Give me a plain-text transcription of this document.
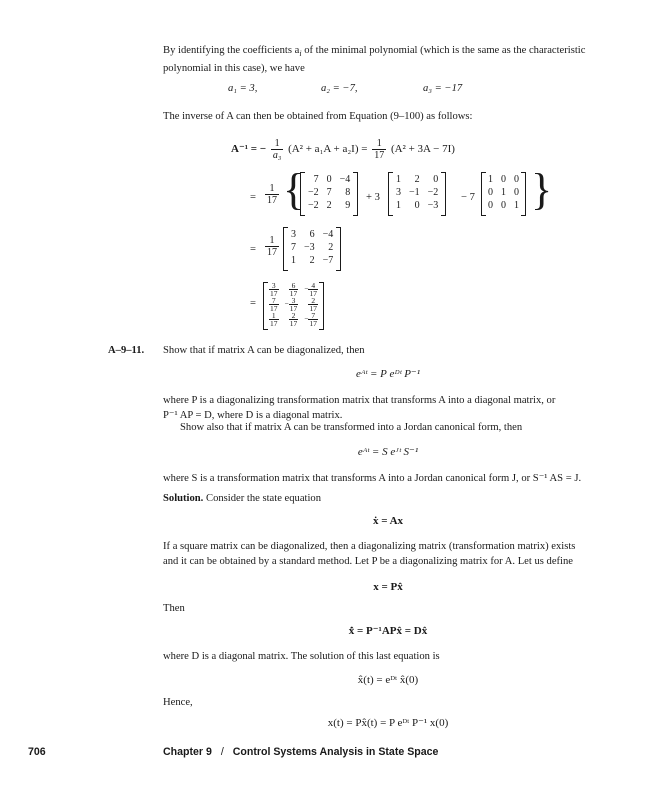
By identifying the coefficients $a_i$ of the minimal polynomial (which is the same as the characteristic
polynomial in this case), we have
a₁ = 3,	a₂ = −7,	a₃ = −17
The inverse of A can then be obtained from Equation (9–100) as follows:
A⁻¹ = − $\frac{1}{\text{a₃}} (A^2 + a_1A + a_2I) = \frac{1}{17} (A^2 + 3A - 7I)$
= $\frac{1}{17}$ { 7	0	−4
−2	7	8
−2	2	9
+ 3
1	2	0
3	−1	−2
1	0	−3
− 7
1	0	0
0	1	0
0	0	1 }
= $\frac{1}{17}$
3	6	−4
7	−3	2
1	2	−7
=
$\frac{3}{17}$	$\frac{6}{17}$	− $\frac{4}{17}$

$\frac{7}{17}$	− $\frac{3}{17}$	$\frac{2}{17}$

$\frac{1}{17}$	$\frac{2}{17}$	− $\frac{7}{17}$
A–9–11. Show that if matrix A can be diagonalized, then
eᴬᵗ = P eᴰᵗ P⁻¹
where P is a diagonalizing transformation matrix that transforms A into a diagonal matrix, or
P⁻¹ AP = D, where D is a diagonal matrix.
Show also that if matrix A can be transformed into a Jordan canonical form, then
eᴬᵗ = S eᴶᵗ S⁻¹
where S is a transformation matrix that transforms A into a Jordan canonical form J, or S⁻¹ AS = J.
Solution. Consider the state equation
ẋ = Ax
If a square matrix can be diagonalized, then a diagonalizing matrix (transformation matrix) exists
and it can be obtained by a standard method. Let P be a diagonalizing matrix for A. Let us define
x = Px̂
Then
x̂̇ = P⁻¹APx̂ = Dx̂
where D is a diagonal matrix. The solution of this last equation is
x̂(t) = eᴰᵗ x̂(0)
Hence,
x(t) = Px̂(t) = P eᴰᵗ P⁻¹ x(0)
706	Chapter 9 / Control Systems Analysis in State Space
